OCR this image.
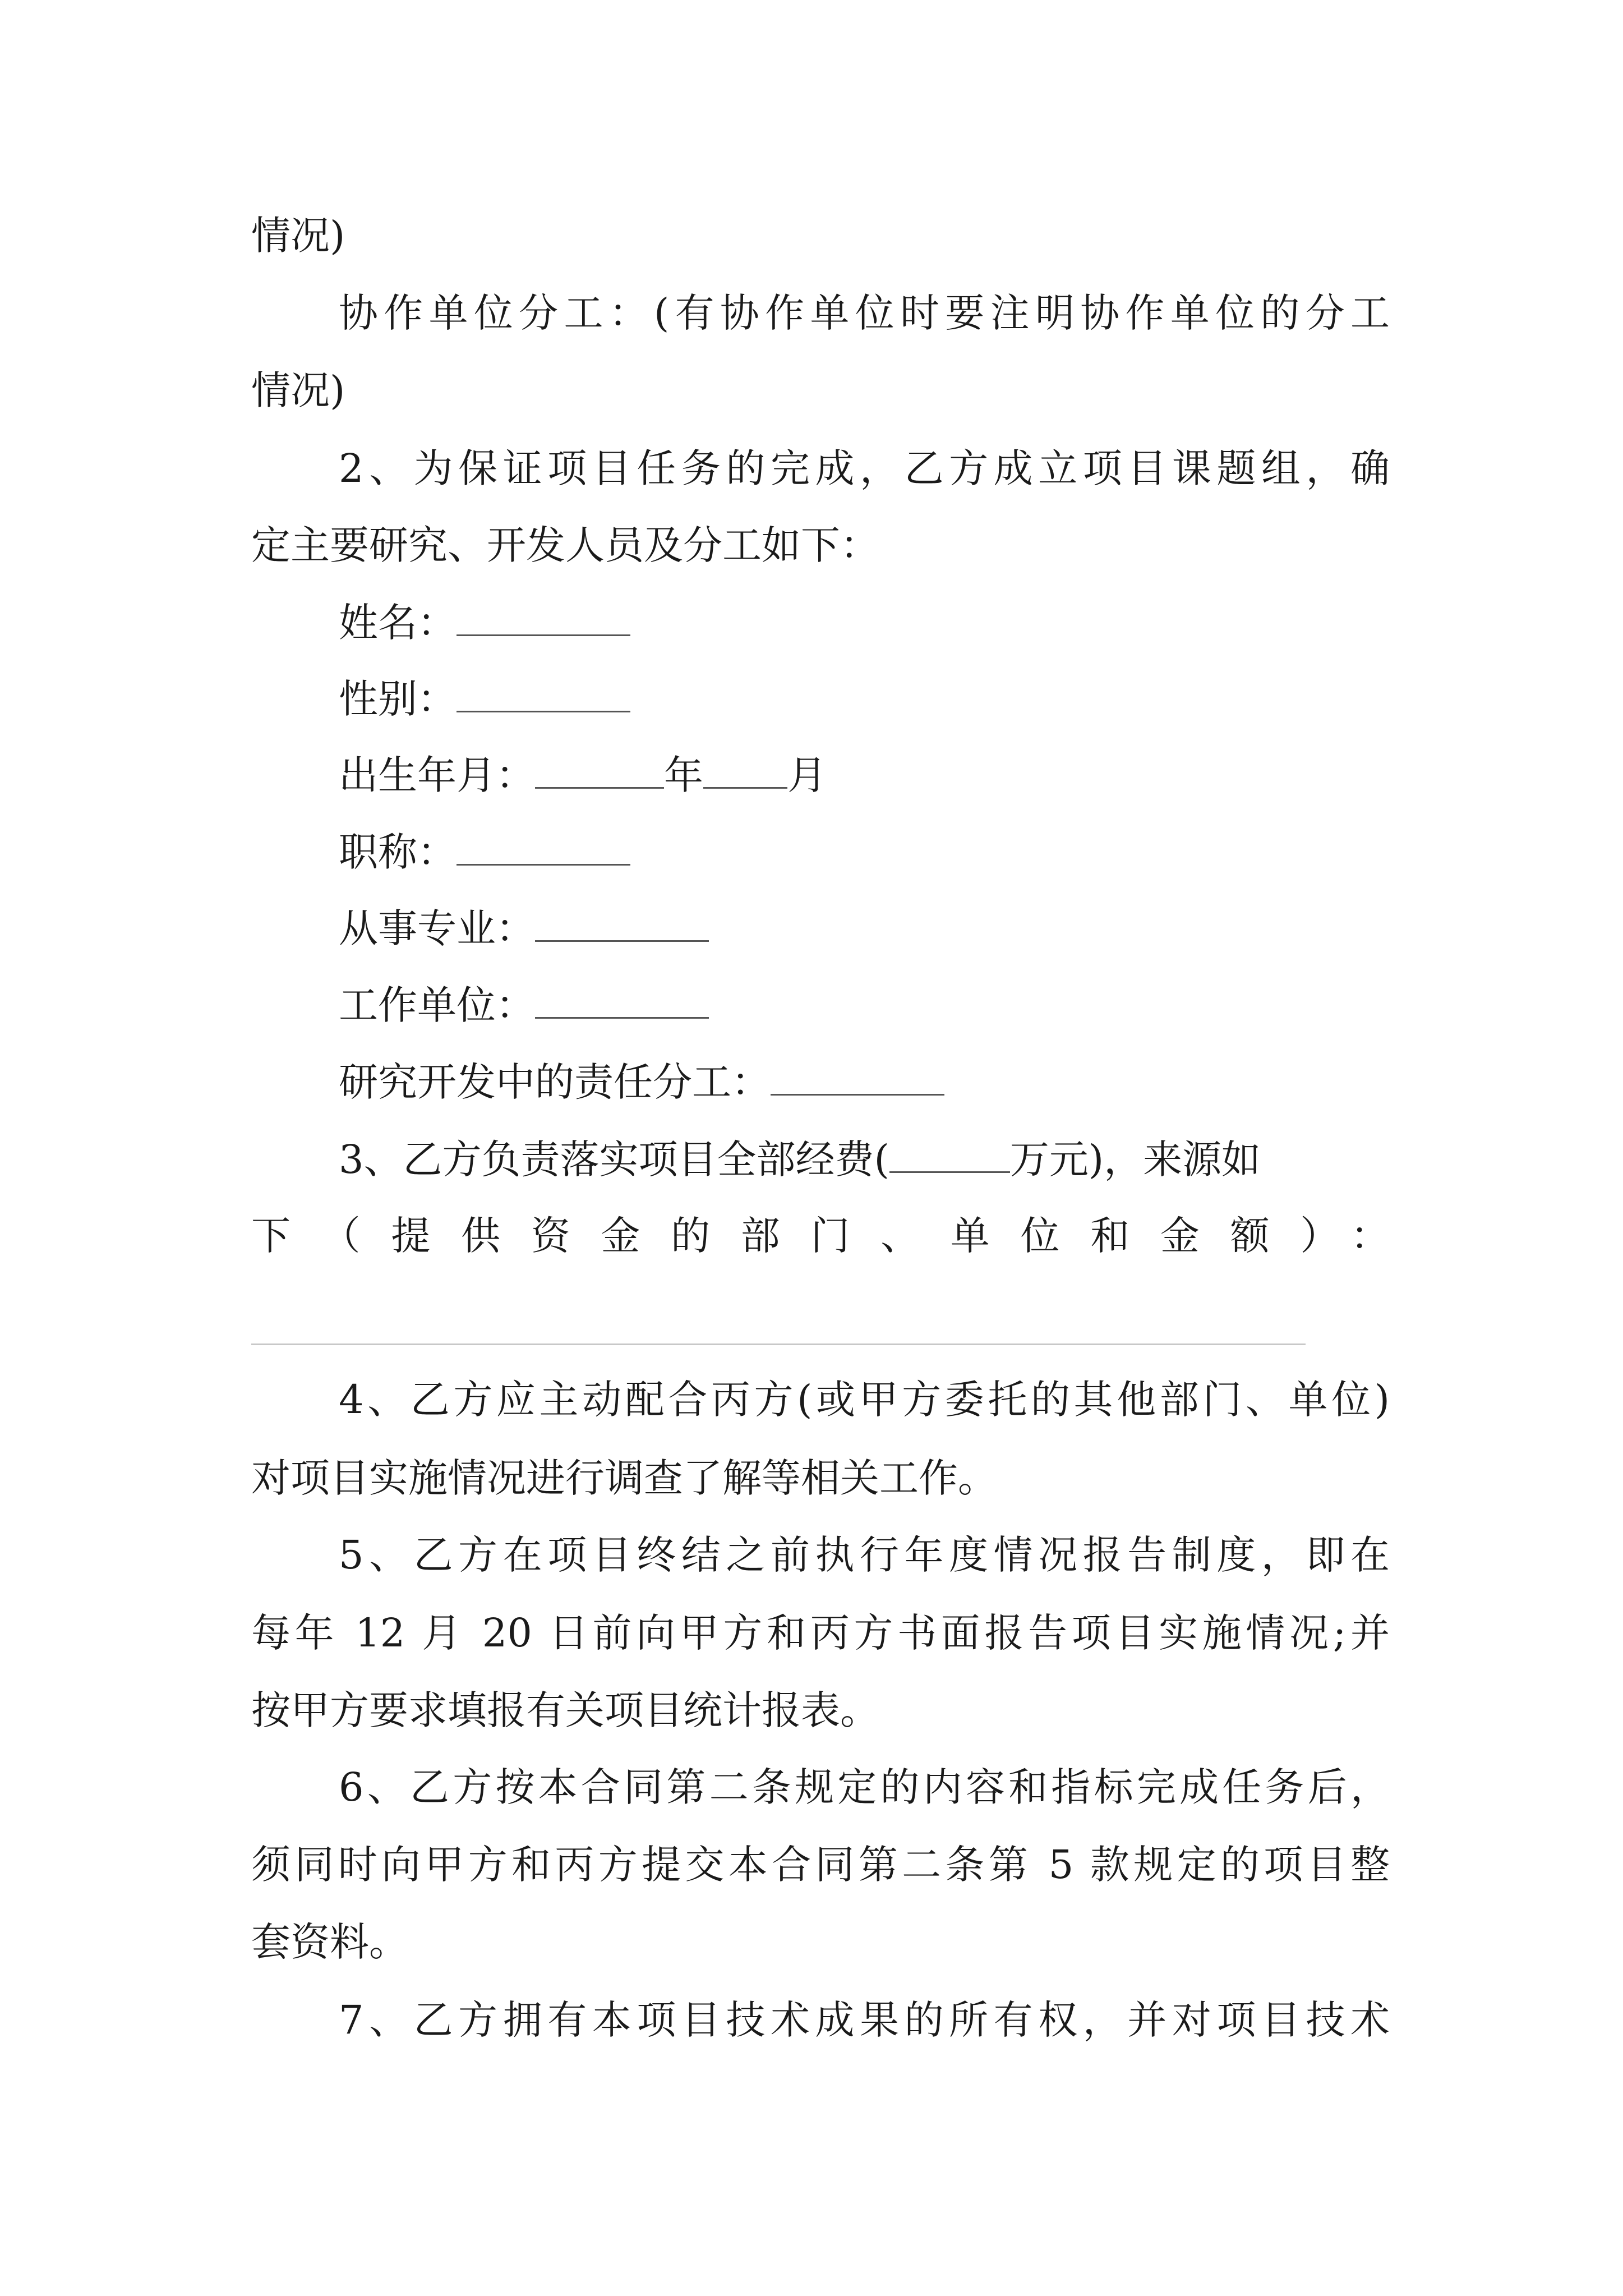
情况)
协作单位分工：(有协作单位时要注明协作单位的分工
情况)
2、为保证项目任务的完成，乙方成立项目课题组，确
定主要研究、开发人员及分工如下：
姓名：
性别：
出生年月：	年 月
职称：
从事专业：
工作单位：
研究开发中的责任分工：
3、乙方负责落实项目全部经费(	万元)，来源如
下（提供资金的部门、单位和金额）：
4、乙方应主动配合丙方(或甲方委托的其他部门、单位)
对项目实施情况进行调查了解等相关工作。
5、乙方在项目终结之前执行年度情况报告制度，即在
每年 12 月 20 日前向甲方和丙方书面报告项目实施情况;并
按甲方要求填报有关项目统计报表。
6、乙方按本合同第二条规定的内容和指标完成任务后，
须同时向甲方和丙方提交本合同第二条第 5 款规定的项目整
套资料。
7、乙方拥有本项目技术成果的所有权，并对项目技术
